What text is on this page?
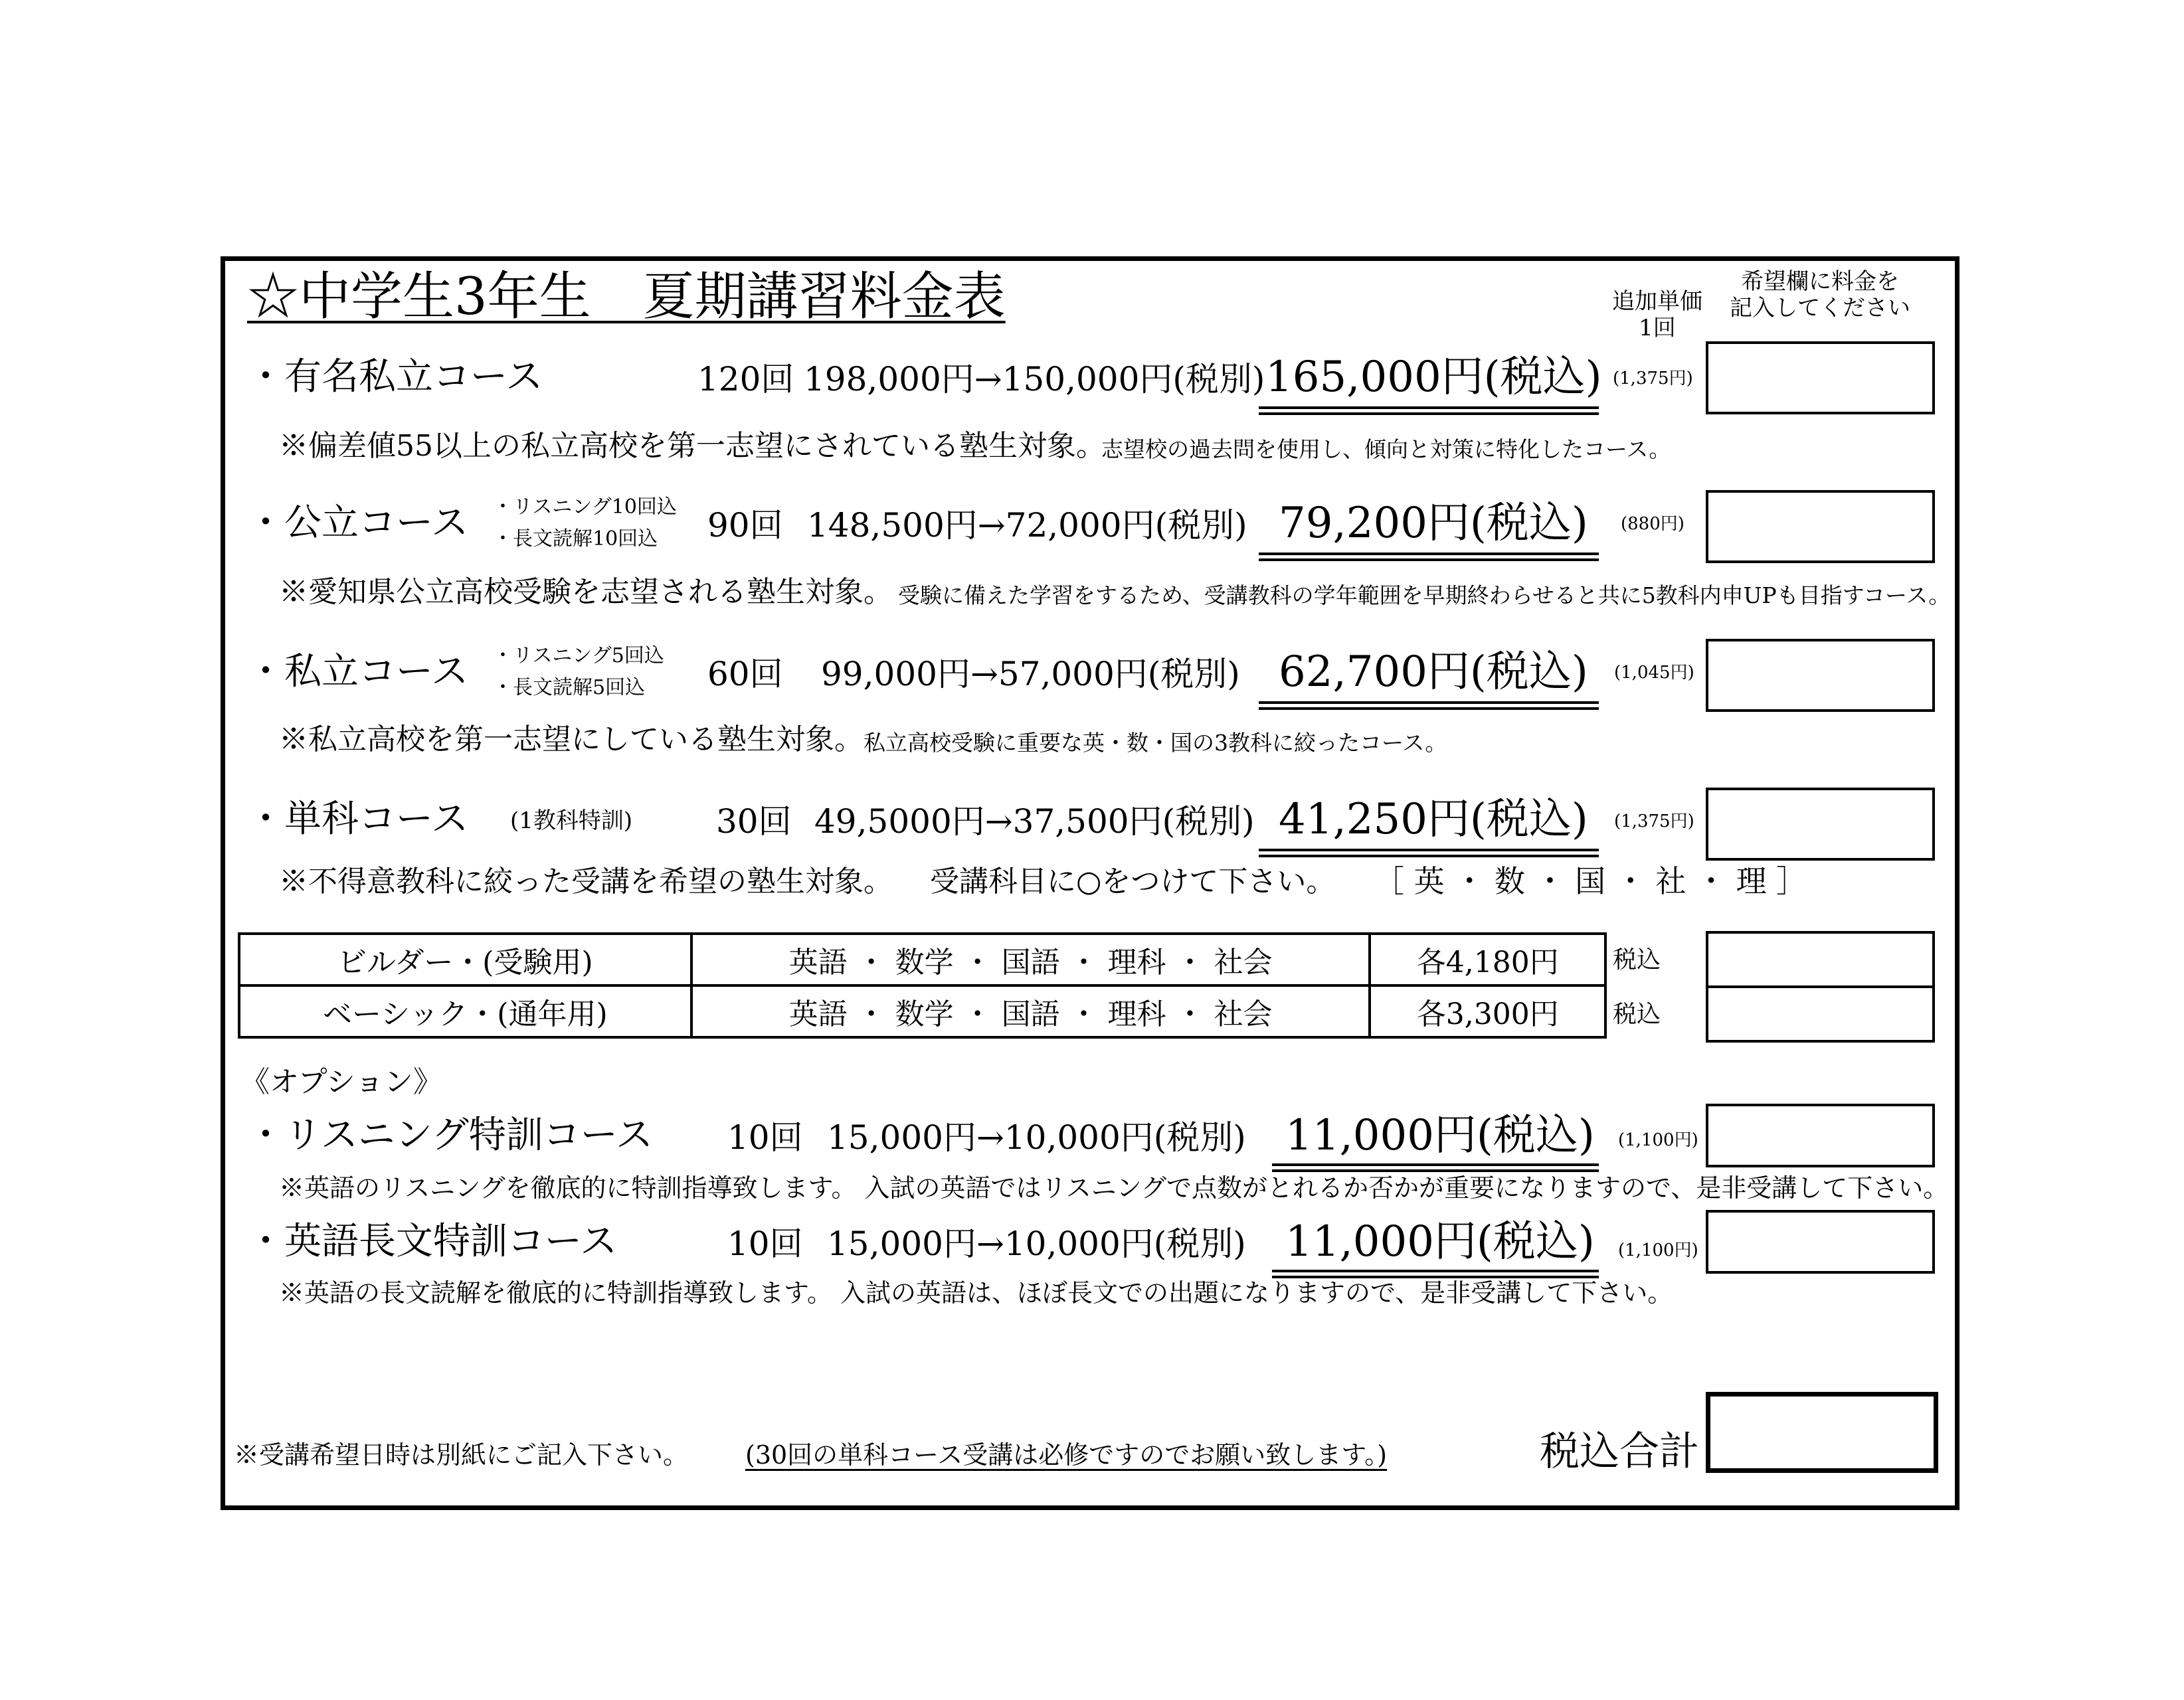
☆中学生3年生　夏期講習料金表	追加単価
1回
希望欄に料金を
記入してください
・有名私立コース	120回 198,000円→150,000円(税別) 165,000円(税込) (1,375円)
※偏差値55以上の私立高校を第一志望にされている塾生対象。
志望校の過去問を使用し、傾向と対策に特化したコース。
・公立コース ・リスニング10回込
・長文読解10回込 90回 148,500円→72,000円(税別) 79,200円(税込) (880円)
※愛知県公立高校受験を志望される塾生対象。 受験に備えた学習をするため、受講教科の学年範囲を早期終わらせると共に5教科内申UPも目指すコース。
・私立コース ・リスニング5回込
・長文読解5回込 60回 99,000円→57,000円(税別) 62,700円(税込) (1,045円)
※私立高校を第一志望にしている塾生対象。 私立高校受験に重要な英・数・国の3教科に絞ったコース。
・単科コース (1教科特訓)	30回 49,5000円→37,500円(税別) 41,250円(税込) (1,375円)
※不得意教科に絞った受講を希望の塾生対象。 受講科目に○をつけて下さい。 ［ 英 ・ 数 ・ 国 ・ 社 ・ 理 ］
ビルダー・(受験用)	英語 ・ 数学 ・ 国語 ・ 理科 ・ 社会	各4,180円
ベーシック・(通年用)	英語 ・ 数学 ・ 国語 ・ 理科 ・ 社会	各3,300円
税込
税込
《オプション》
・リスニング特訓コース 10回 15,000円→10,000円(税別) 11,000円(税込) (1,100円)
※英語のリスニングを徹底的に特訓指導致します。 入試の英語ではリスニングで点数がとれるか否かが重要になりますので、是非受講して下さい。
・英語長文特訓コース	10回 15,000円→10,000円(税別) 11,000円(税込) (1,100円)
※英語の長文読解を徹底的に特訓指導致します。 入試の英語は、ほぼ長文での出題になりますので、是非受講して下さい。
※受講希望日時は別紙にご記入下さい。 (30回の単科コース受講は必修ですのでお願い致します。)	税込合計
